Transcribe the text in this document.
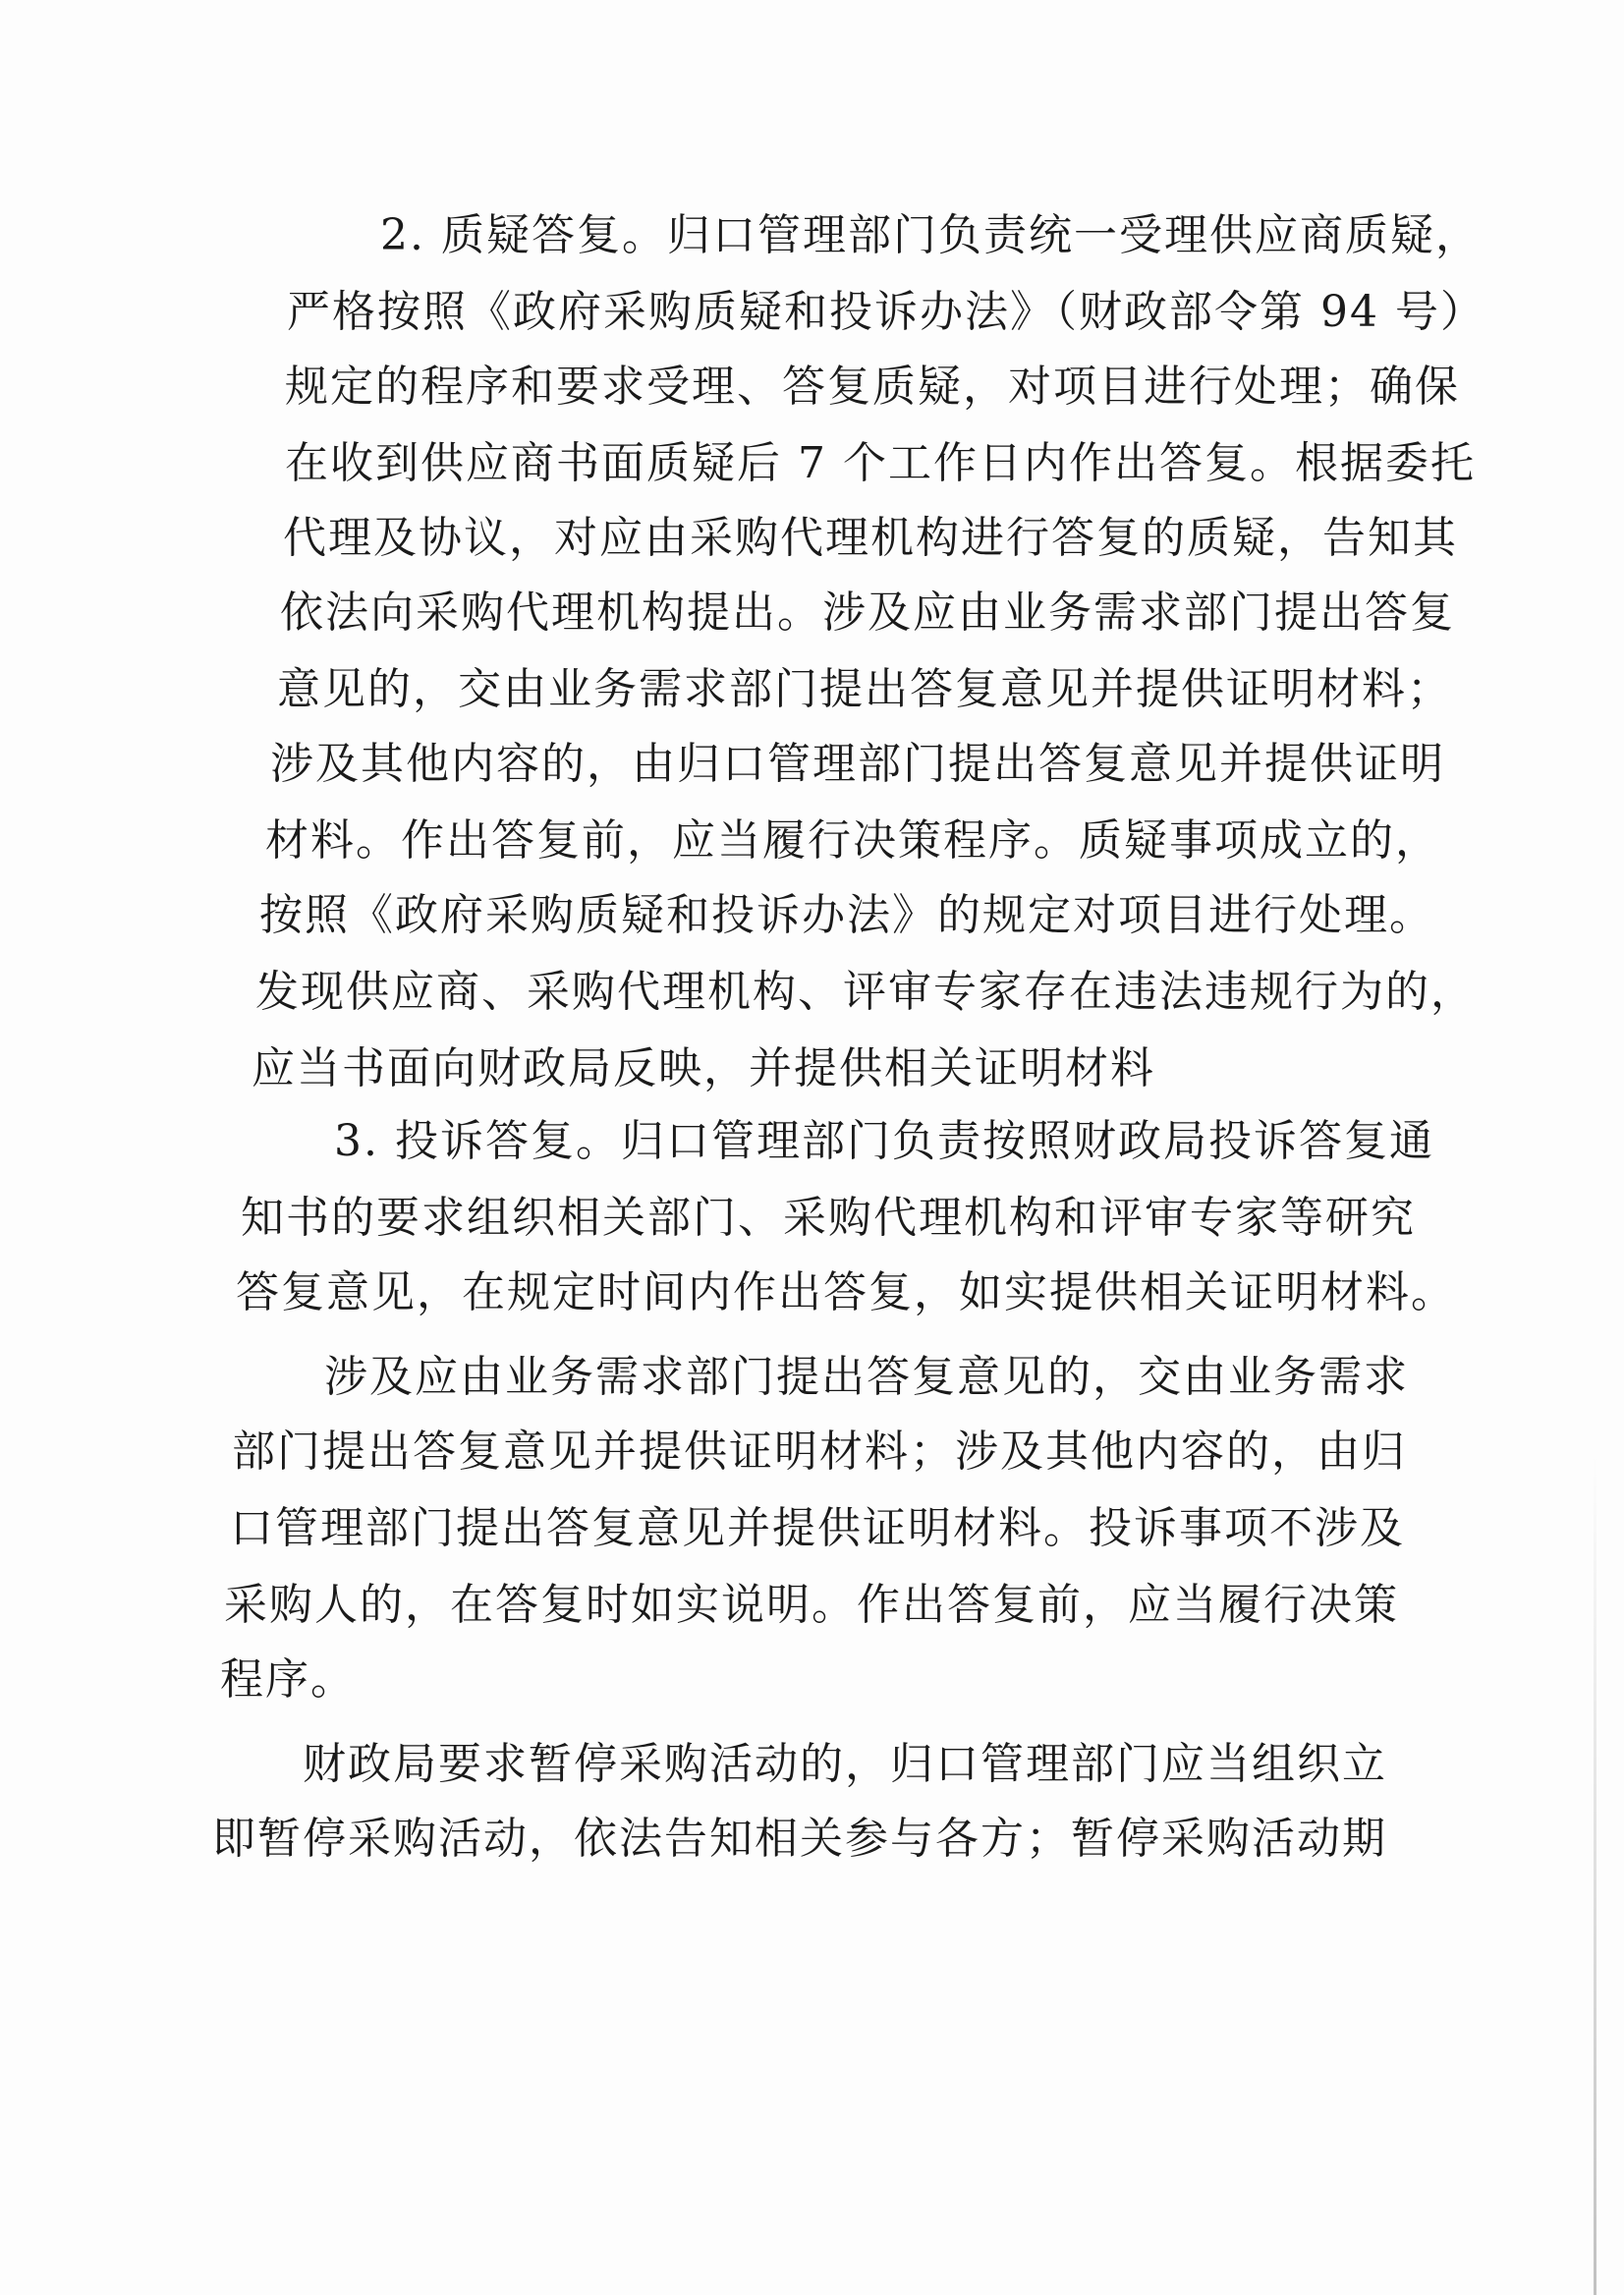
2. 质疑答复。归口管理部门负责统一受理供应商质疑，
严格按照《政府采购质疑和投诉办法》（财政部令第 94 号）
规定的程序和要求受理、答复质疑，对项目进行处理；确保
在收到供应商书面质疑后 7 个工作日内作出答复。根据委托
代理及协议，对应由采购代理机构进行答复的质疑，告知其
依法向采购代理机构提出。涉及应由业务需求部门提出答复
意见的，交由业务需求部门提出答复意见并提供证明材料；
涉及其他内容的，由归口管理部门提出答复意见并提供证明
材料。作出答复前，应当履行决策程序。质疑事项成立的，
按照《政府采购质疑和投诉办法》的规定对项目进行处理。
发现供应商、采购代理机构、评审专家存在违法违规行为的，
应当书面向财政局反映，并提供相关证明材料
3. 投诉答复。归口管理部门负责按照财政局投诉答复通
知书的要求组织相关部门、采购代理机构和评审专家等研究
答复意见，在规定时间内作出答复，如实提供相关证明材料。
涉及应由业务需求部门提出答复意见的，交由业务需求
部门提出答复意见并提供证明材料；涉及其他内容的，由归
口管理部门提出答复意见并提供证明材料。投诉事项不涉及
采购人的，在答复时如实说明。作出答复前，应当履行决策
程序。
财政局要求暂停采购活动的，归口管理部门应当组织立
即暂停采购活动，依法告知相关参与各方；暂停采购活动期
